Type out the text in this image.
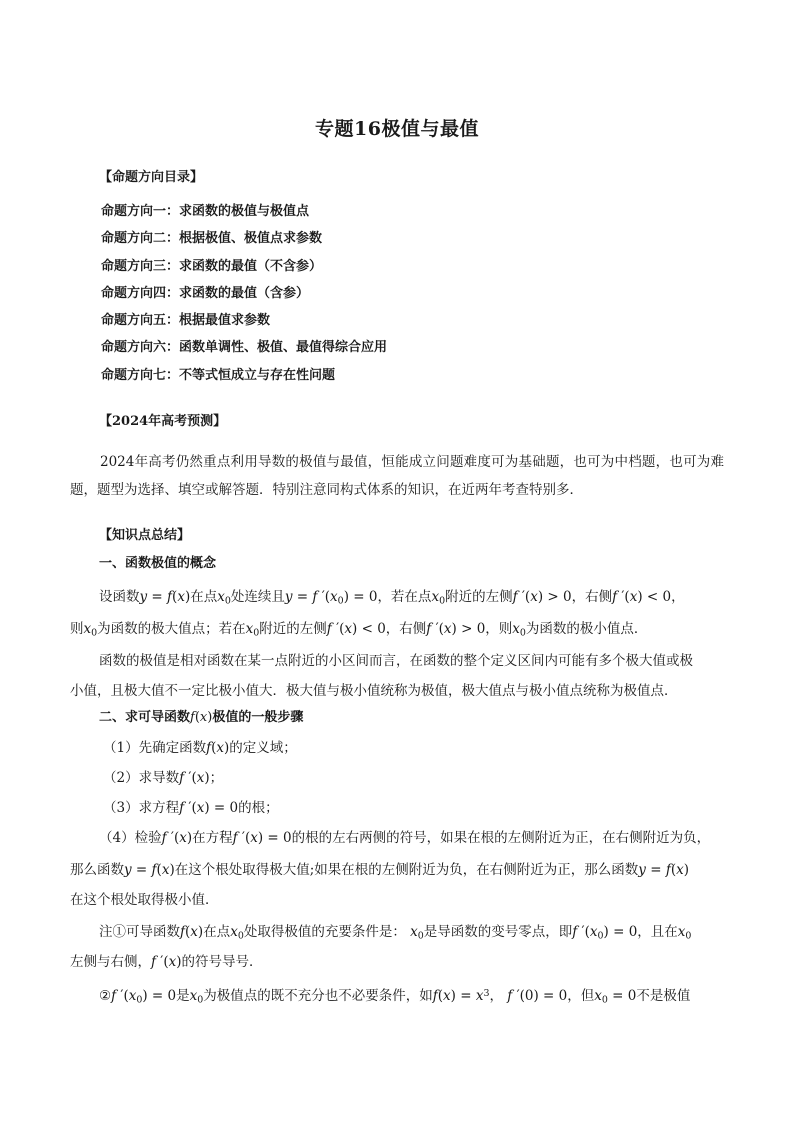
专题16极值与最值
【命题方向目录】
命题方向一：求函数的极值与极值点
命题方向二：根据极值、极值点求参数
命题方向三：求函数的最值（不含参）
命题方向四：求函数的最值（含参）
命题方向五：根据最值求参数
命题方向六：函数单调性、极值、最值得综合应用
命题方向七：不等式恒成立与存在性问题
【2024年高考预测】

2024年高考仍然重点利用导数的极值与最值，恒能成立问题难度可为基础题，也可为中档题，也可为难题，题型为选择、填空或解答题．特别注意同构式体系的知识，在近两年考查特别多．

【知识点总结】
一、函数极值的概念
设函数y = f(x)在点$x_0$处连续且y = f $'(x_0) = 0$，若在点$x_0$附近的左侧f ′(x) > 0，右侧f ′(x) < 0，
则$x_0$为函数的极大值点；若在$x_0$附近的左侧f ′(x) < 0，右侧f ′(x) > 0，则$x_0$为函数的极小值点．
函数的极值是相对函数在某一点附近的小区间而言，在函数的整个定义区间内可能有多个极大值或极
小值，且极大值不一定比极小值大．极大值与极小值统称为极值，极大值点与极小值点统称为极值点．
二、求可导函数f(x)极值的一般步骤
（1）先确定函数f(x)的定义域；
（2）求导数f ′(x)；
（3）求方程f ′(x) = 0的根；
（4）检验f ′(x)在方程f ′(x) = 0的根的左右两侧的符号，如果在根的左侧附近为正，在右侧附近为负，
那么函数y = f(x)在这个根处取得极大值;如果在根的左侧附近为负，在右侧附近为正，那么函数y = f(x)
在这个根处取得极小值．
注①可导函数f(x)在点$x_0$处取得极值的充要条件是： $x_0$是导函数的变号零点，即f $'(x_0) = 0$，且在$x_0$
左侧与右侧，f ′(x)的符号导号．
②f $'(x_0) = 0$是$x_0$为极值点的既不充分也不必要条件，如$f(x) = x^3$， f ′(0) = 0，但$x_0 = 0$不是极值
